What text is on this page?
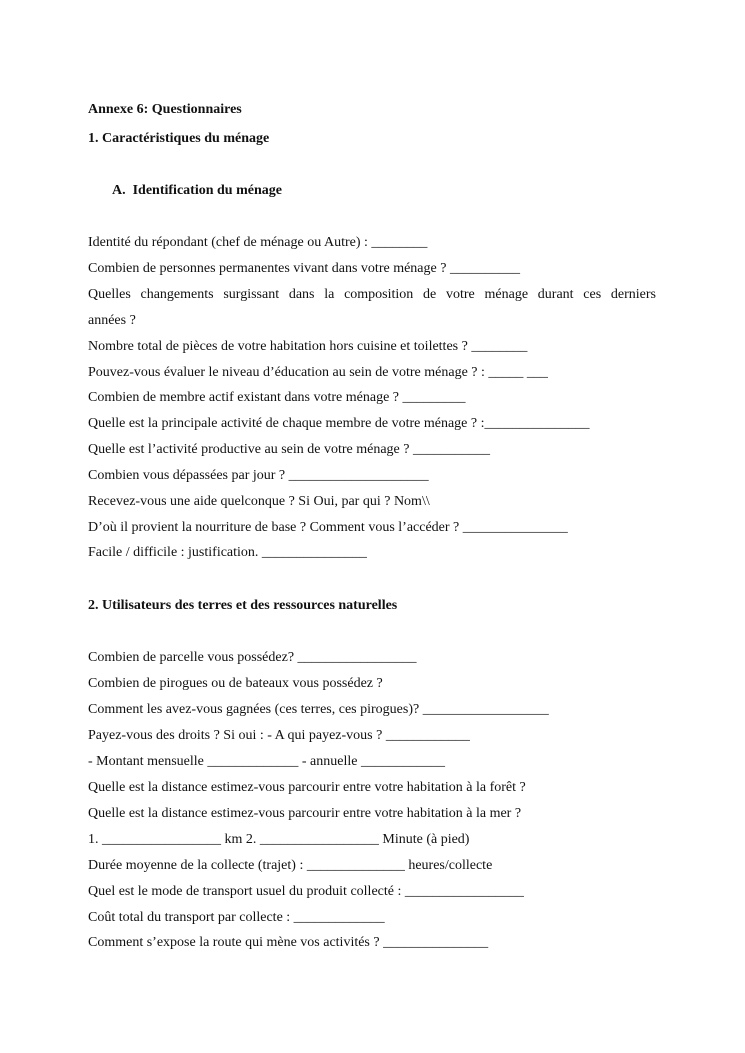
Annexe 6: Questionnaires
1. Caractéristiques du ménage
A.  Identification du ménage
Identité du répondant (chef de ménage ou Autre) : ________
Combien de personnes permanentes vivant dans votre ménage ? __________
Quelles changements surgissant dans la composition de votre ménage durant ces derniers
années ?
Nombre total de pièces de votre habitation hors cuisine et toilettes ? ________
Pouvez-vous évaluer le niveau d’éducation au sein de votre ménage ? : _____ ___
Combien de membre actif existant dans votre ménage ? _________
Quelle est la principale activité de chaque membre de votre ménage ? :_______________
Quelle est l’activité productive au sein de votre ménage ? ___________
Combien vous dépassées par jour ? ____________________
Recevez-vous une aide quelconque ? Si Oui, par qui ? Nom\\
D’où il provient la nourriture de base ? Comment vous l’accéder ? _______________
Facile / difficile : justification. _______________
2. Utilisateurs des terres et des ressources naturelles
Combien de parcelle vous possédez? _________________
Combien de pirogues ou de bateaux vous possédez ?
Comment les avez-vous gagnées (ces terres, ces pirogues)? __________________
Payez-vous des droits ? Si oui : - A qui payez-vous ? ____________
- Montant mensuelle _____________ - annuelle ____________
Quelle est la distance estimez-vous parcourir entre votre habitation à la forêt ?
Quelle est la distance estimez-vous parcourir entre votre habitation à la mer ?
1. _________________ km 2. _________________ Minute (à pied)
Durée moyenne de la collecte (trajet) : ______________ heures/collecte
Quel est le mode de transport usuel du produit collecté : _________________
Coût total du transport par collecte : _____________
Comment s’expose la route qui mène vos activités ? _______________
